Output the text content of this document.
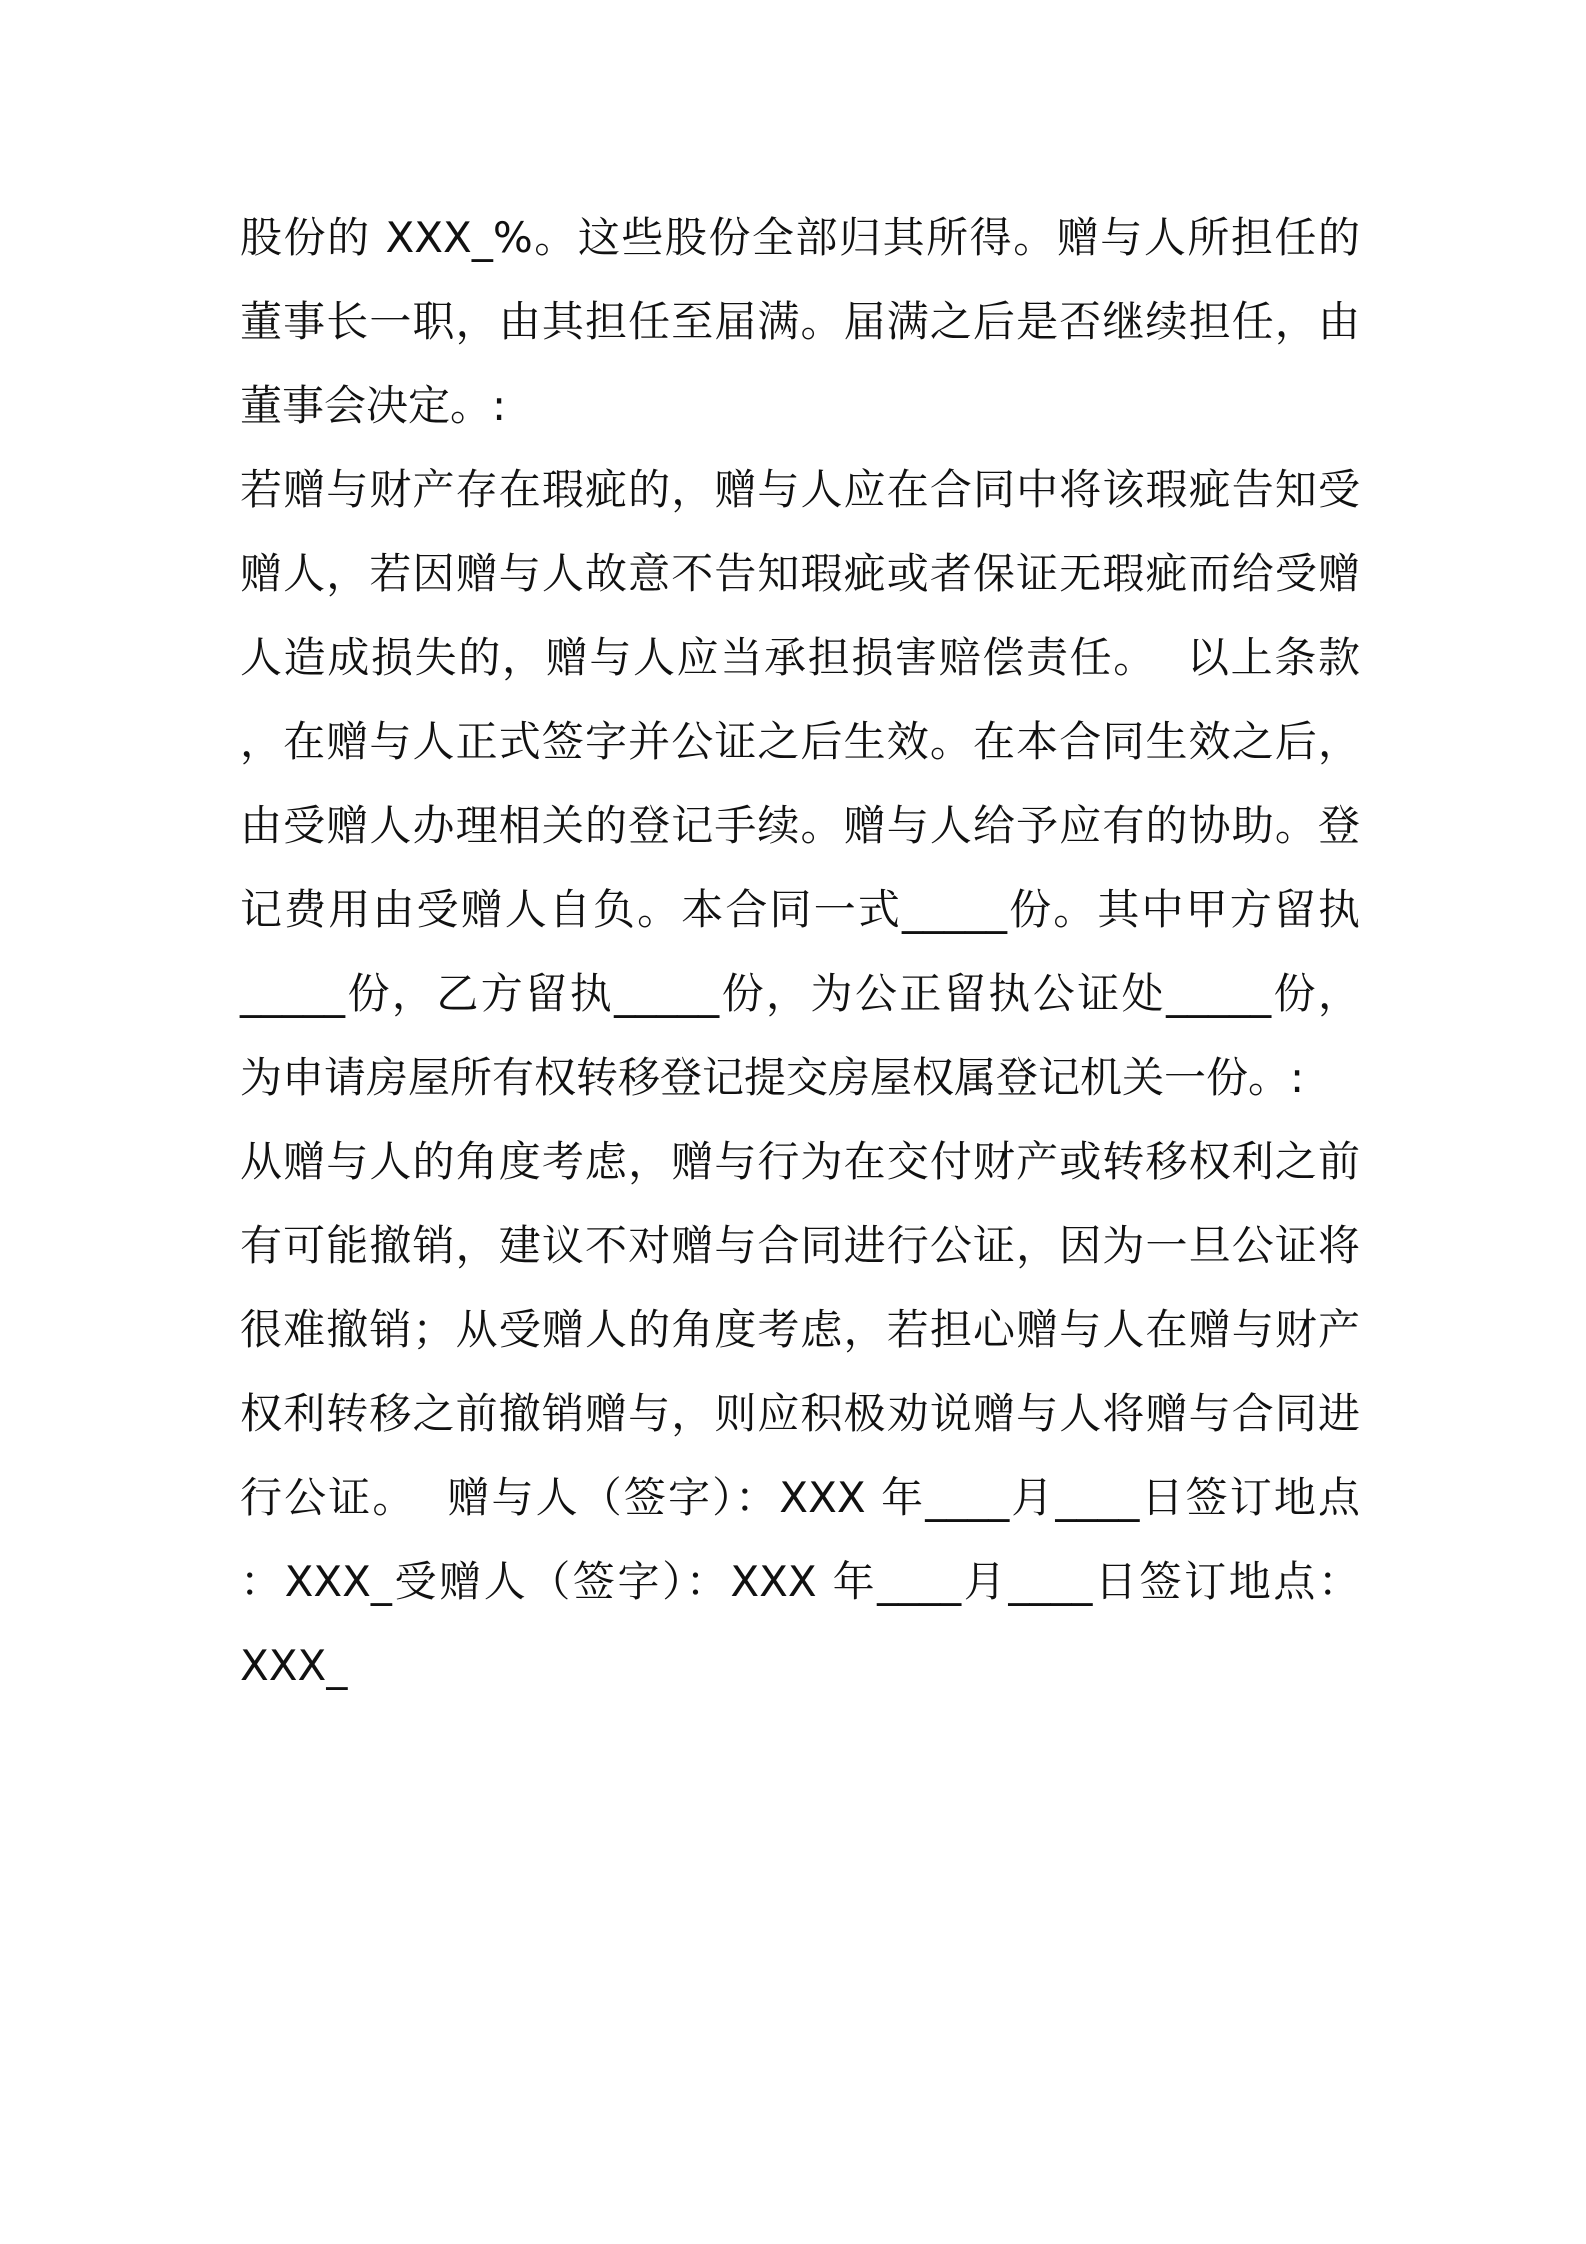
股份的 XXX_%。这些股份全部归其所得。赠与人所担任的
董事长一职，由其担任至届满。届满之后是否继续担任，由
董事会决定。:
若赠与财产存在瑕疵的，赠与人应在合同中将该瑕疵告知受
赠人，若因赠与人故意不告知瑕疵或者保证无瑕疵而给受赠
人造成损失的，赠与人应当承担损害赔偿责任。  以上条款
，在赠与人正式签字并公证之后生效。在本合同生效之后，
由受赠人办理相关的登记手续。赠与人给予应有的协助。登
记费用由受赠人自负。本合同一式_____份。其中甲方留执
_____份，乙方留执_____份，为公正留执公证处_____份，
为申请房屋所有权转移登记提交房屋权属登记机关一份。:
从赠与人的角度考虑，赠与行为在交付财产或转移权利之前
有可能撤销，建议不对赠与合同进行公证，因为一旦公证将
很难撤销；从受赠人的角度考虑，若担心赠与人在赠与财产
权利转移之前撤销赠与，则应积极劝说赠与人将赠与合同进
行公证。  赠与人（签字）：XXX 年____月____日签订地点
：XXX_受赠人（签字）：XXX 年____月____日签订地点：
XXX_
